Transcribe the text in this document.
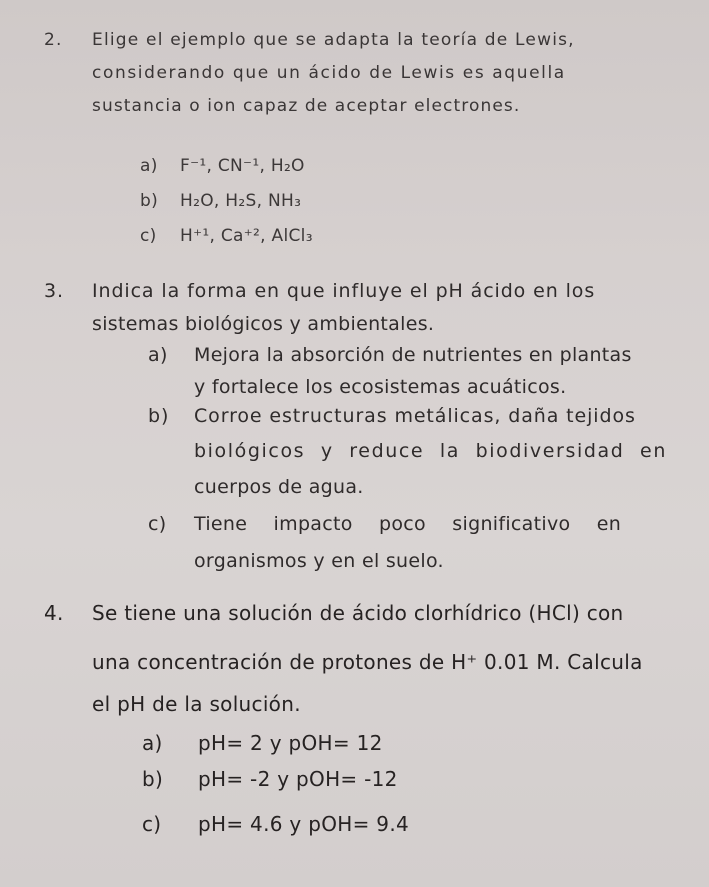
2. Elige el ejemplo que se adapta la teoría de Lewis,
considerando que un ácido de Lewis es aquella
sustancia o ion capaz de aceptar electrones.
a) F⁻¹, CN⁻¹, H₂O
b) H₂O, H₂S, NH₃
c) H⁺¹, Ca⁺², AlCl₃
3. Indica la forma en que influye el pH ácido en los
sistemas biológicos y ambientales.
a) Mejora la absorción de nutrientes en plantas
y fortalece los ecosistemas acuáticos.
b) Corroe estructuras metálicas, daña tejidos
biológicos y reduce la biodiversidad en
cuerpos de agua.
c) Tiene impacto poco significativo en
organismos y en el suelo.
4. Se tiene una solución de ácido clorhídrico (HCl) con
una concentración de protones de H⁺ 0.01 M. Calcula
el pH de la solución.
a) pH= 2 y pOH= 12
b) pH= -2 y pOH= -12
c) pH= 4.6 y pOH= 9.4
